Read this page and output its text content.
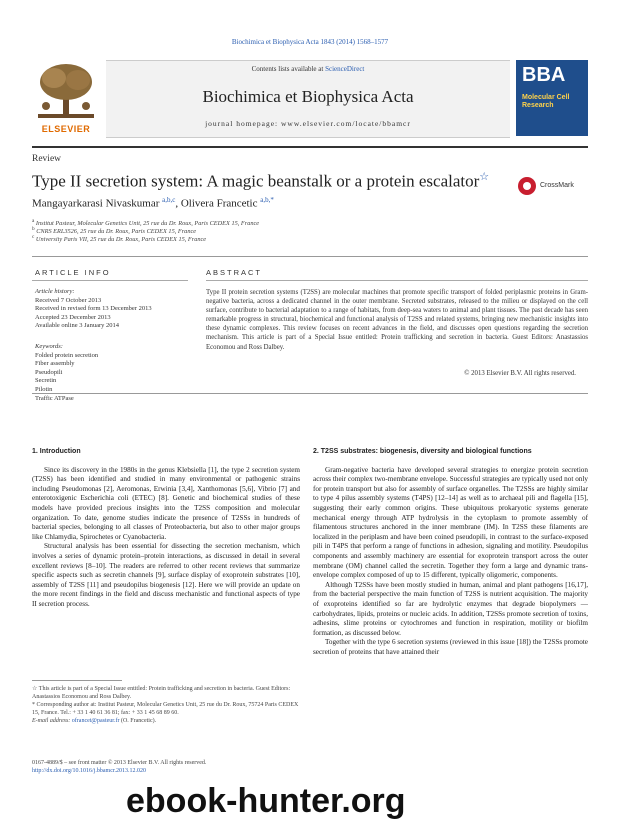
Biochimica et Biophysica Acta 1843 (2014) 1568–1577
ELSEVIER
Contents lists available at ScienceDirect
Biochimica et Biophysica Acta
journal homepage: www.elsevier.com/locate/bbamcr
BBA
Molecular Cell Research
Review
Type II secretion system: A magic beanstalk or a protein escalator☆
CrossMark
Mangayarkarasi Nivaskumar $^{a,b,c}$, Olivera Francetic $^{a,b,*}$
$^a$ Institut Pasteur, Molecular Genetics Unit, 25 rue du Dr. Roux, Paris CEDEX 15, France
$^b$ CNRS ERL3526, 25 rue du Dr. Roux, Paris CEDEX 15, France
$^c$ University Paris VII, 25 rue du Dr. Roux, Paris CEDEX 15, France
ARTICLE INFO	ABSTRACT
Article history:
Received 7 October 2013
Received in revised form 13 December 2013
Accepted 23 December 2013
Available online 3 January 2014
Keywords:
Folded protein secretion
Fiber assembly
Pseudopili
Secretin
Pilotin
Traffic ATPase
Type II protein secretion systems (T2SS) are molecular machines that promote specific transport of folded periplasmic proteins in Gram-negative bacteria, across a dedicated channel in the outer membrane. Secreted substrates, released to the milieu or displayed on the cell surface, contribute to bacterial adaptation to a range of habitats, from deep-sea waters to animal and plant tissues. The past decade has seen remarkable progress in structural, biochemical and functional analysis of T2SS and related systems, bringing new mechanistic insights into these dynamic complexes. This review focuses on recent advances in the field, and discusses open questions regarding the secretion mechanism. This article is part of a Special Issue entitled: Protein trafficking and secretion in bacteria. Guest Editors: Anastassios Economou and Ross Dalbey.
© 2013 Elsevier B.V. All rights reserved.
1. Introduction

Since its discovery in the 1980s in the genus Klebsiella [1], the type 2 secretion system (T2SS) has been identified and studied in many environmental or pathogenic strains including Pseudomonas [2], Aeromonas, Erwinia [3,4], Xanthomonas [5,6], Vibrio [7] and enterotoxigenic Escherichia coli (ETEC) [8]. Genetic and biochemical studies of these models have provided precious insights into the T2SS composition and molecular organization. To date, genome studies indicate the presence of T2SSs in hundreds of bacterial species, belonging to all classes of Proteobacteria, but also to other major groups like Chlamydia, Spirochetes or Cyanobacteria.

Structural analysis has been essential for dissecting the secretion mechanism, which involves a series of dynamic protein–protein interactions, as discussed in detail in several excellent reviews [8–10]. The readers are referred to other recent reviews that summarize specific aspects such as secretin channels [9], surface display of exoprotein substrates [10], assembly of T2SS [11] and pseudopilus biogenesis [12]. Here we will provide an update on the more recent findings in the field and discuss mechanistic and functional aspects of type II secretion process.

2. T2SS substrates: biogenesis, diversity and biological functions

Gram-negative bacteria have developed several strategies to energize protein secretion across their complex two-membrane envelope. Successful strategies are typically used not only for protein transport but also for assembly of surface organelles. The T2SSs are highly similar to type 4 pilus assembly systems (T4PS) [12–14] as well as to archaeal pili and flagella [15], suggesting their early common origins. These ubiquitous prokaryotic systems generate mechanical energy through ATP hydrolysis in the cytoplasm to promote assembly of filamentous structures anchored in the inner membrane (IM). In T2SS these filaments are localized in the periplasm and have been coined pseudopili, in contrast to the surface-exposed pili in T4PS that perform a range of functions in adhesion, signaling and motility. Pseudopilus components and assembly machinery are essential for exoprotein transport across the outer membrane (OM) channel called the secretin. Together they form a large and dynamic trans-envelope complex composed of up to 15 different, typically oligomeric, components.

Although T2SSs have been mostly studied in human, animal and plant pathogens [16,17], from the bacterial perspective the main function of T2SS is nutrient acquisition. The majority of exoproteins identified so far are hydrolytic enzymes that degrade biopolymers — carbohydrates, lipids, proteins or nucleic acids. In addition, T2SSs promote secretion of toxins, adhesins, slime proteins or cytochromes and function in respiration, motility or biofilm formation, as discussed below.

Together with the type 6 secretion systems (reviewed in this issue [18]) the T2SSs promote secretion of proteins that have attained their

☆ This article is part of a Special Issue entitled: Protein trafficking and secretion in bacteria. Guest Editors: Anastassios Economou and Ross Dalbey.
* Corresponding author at: Institut Pasteur, Molecular Genetics Unit, 25 rue du Dr. Roux, 75724 Paris CEDEX 15, France. Tel.: + 33 1 40 61 36 81; fax: + 33 1 45 68 89 60.
E-mail address: ofrancet@pasteur.fr (O. Francetic).
0167-4889/$ – see front matter © 2013 Elsevier B.V. All rights reserved.
http://dx.doi.org/10.1016/j.bbamcr.2013.12.020
ebook-hunter.org
